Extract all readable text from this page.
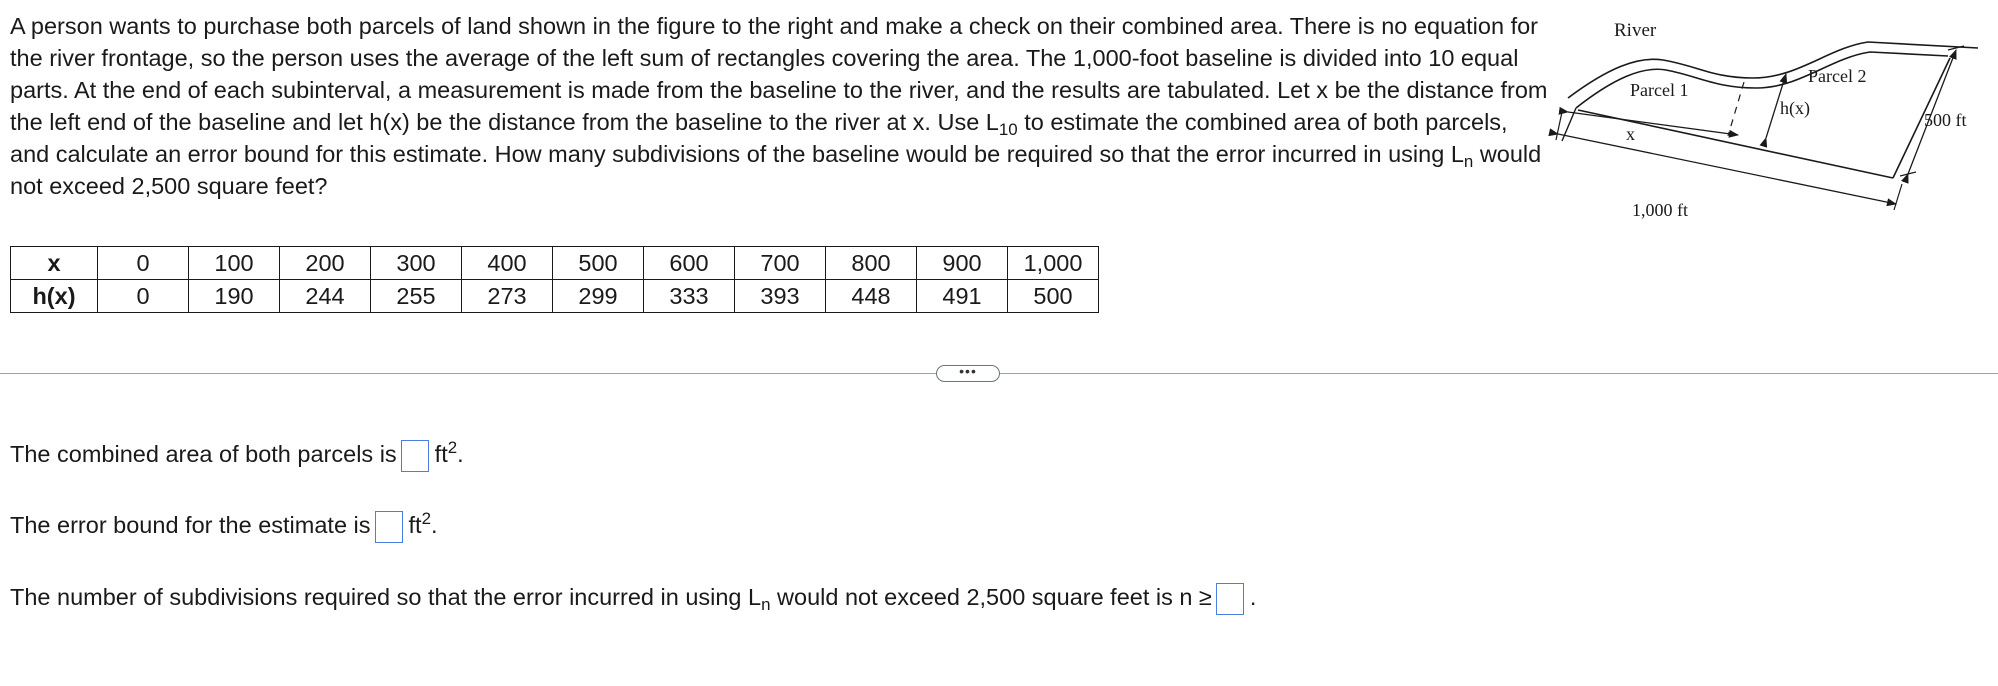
A person wants to purchase both parcels of land shown in the figure to the right and make a check on their combined area. There is no equation for the river frontage, so the person uses the average of the left sum of rectangles covering the area. The 1,000-foot baseline is divided into 10 equal parts. At the end of each subinterval, a measurement is made from the baseline to the river, and the results are tabulated. Let x be the distance from the left end of the baseline and let h(x) be the distance from the baseline to the river at x. Use $L_{10}$ to estimate the combined area of both parcels, and calculate an error bound for this estimate. How many subdivisions of the baseline would be required so that the error incurred in using $L_n$ would not exceed 2,500 square feet?

River
Parcel 1
Parcel 2
h(x)
x
1,000 ft
500 ft
x	0	100	200	300	400	500	600	700	800	900	1,000
h(x)	0	190	244	255	273	299	333	393	448	491	500
•••

The combined area of both parcels is $ft^2$.

The error bound for the estimate is $ft^2$.

The number of subdivisions required so that the error incurred in using $L_n$ would not exceed 2,500 square feet is n ≥ .
